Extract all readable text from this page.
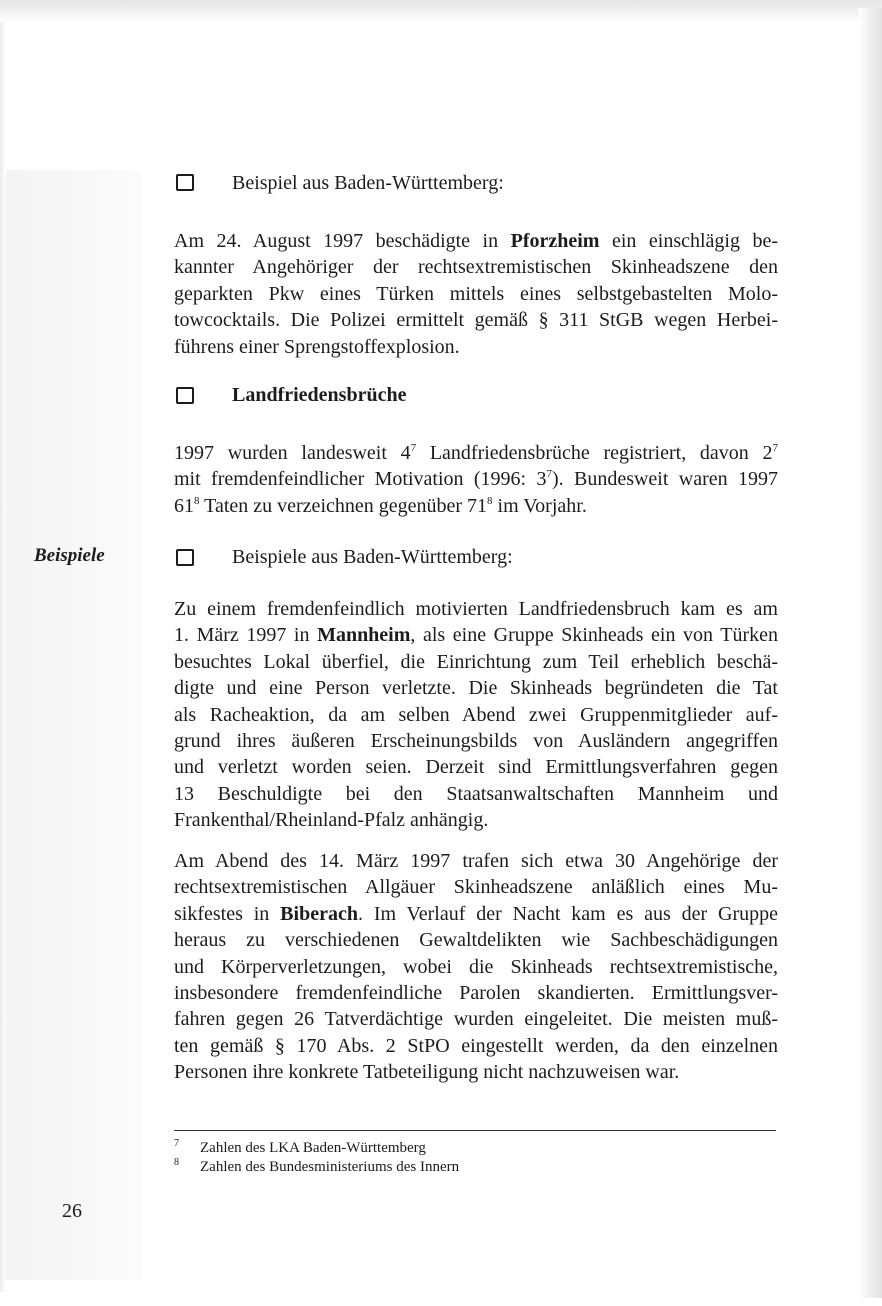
Beispiele

Beispiel aus Baden-Württemberg:

Am 24. August 1997 beschädigte in Pforzheim ein einschlägig be-
kannter Angehöriger der rechtsextremistischen Skinheadszene den
geparkten Pkw eines Türken mittels eines selbstgebastelten Molo-
towcocktails. Die Polizei ermittelt gemäß § 311 StGB wegen Herbei-
führens einer Sprengstoffexplosion.

Landfriedensbrüche

1997 wurden landesweit $4^7$ Landfriedensbrüche registriert, davon $2^7$
mit fremdenfeindlicher Motivation (1996: $3^7$). Bundesweit waren 1997
$61^8$ Taten zu verzeichnen gegenüber $71^8$ im Vorjahr.

Beispiele aus Baden-Württemberg:

Zu einem fremdenfeindlich motivierten Landfriedensbruch kam es am
1. März 1997 in Mannheim, als eine Gruppe Skinheads ein von Türken
besuchtes Lokal überfiel, die Einrichtung zum Teil erheblich beschä-
digte und eine Person verletzte. Die Skinheads begründeten die Tat
als Racheaktion, da am selben Abend zwei Gruppenmitglieder auf-
grund ihres äußeren Erscheinungsbilds von Ausländern angegriffen
und verletzt worden seien. Derzeit sind Ermittlungsverfahren gegen
13 Beschuldigte bei den Staatsanwaltschaften Mannheim und
Frankenthal/Rheinland-Pfalz anhängig.
Am Abend des 14. März 1997 trafen sich etwa 30 Angehörige der
rechtsextremistischen Allgäuer Skinheadszene anläßlich eines Mu-
sikfestes in Biberach. Im Verlauf der Nacht kam es aus der Gruppe
heraus zu verschiedenen Gewaltdelikten wie Sachbeschädigungen
und Körperverletzungen, wobei die Skinheads rechtsextremistische,
insbesondere fremdenfeindliche Parolen skandierten. Ermittlungsver-
fahren gegen 26 Tatverdächtige wurden eingeleitet. Die meisten muß-
ten gemäß § 170 Abs. 2 StPO eingestellt werden, da den einzelnen
Personen ihre konkrete Tatbeteiligung nicht nachzuweisen war.

7 Zahlen des LKA Baden-Württemberg

8 Zahlen des Bundesministeriums des Innern

26
